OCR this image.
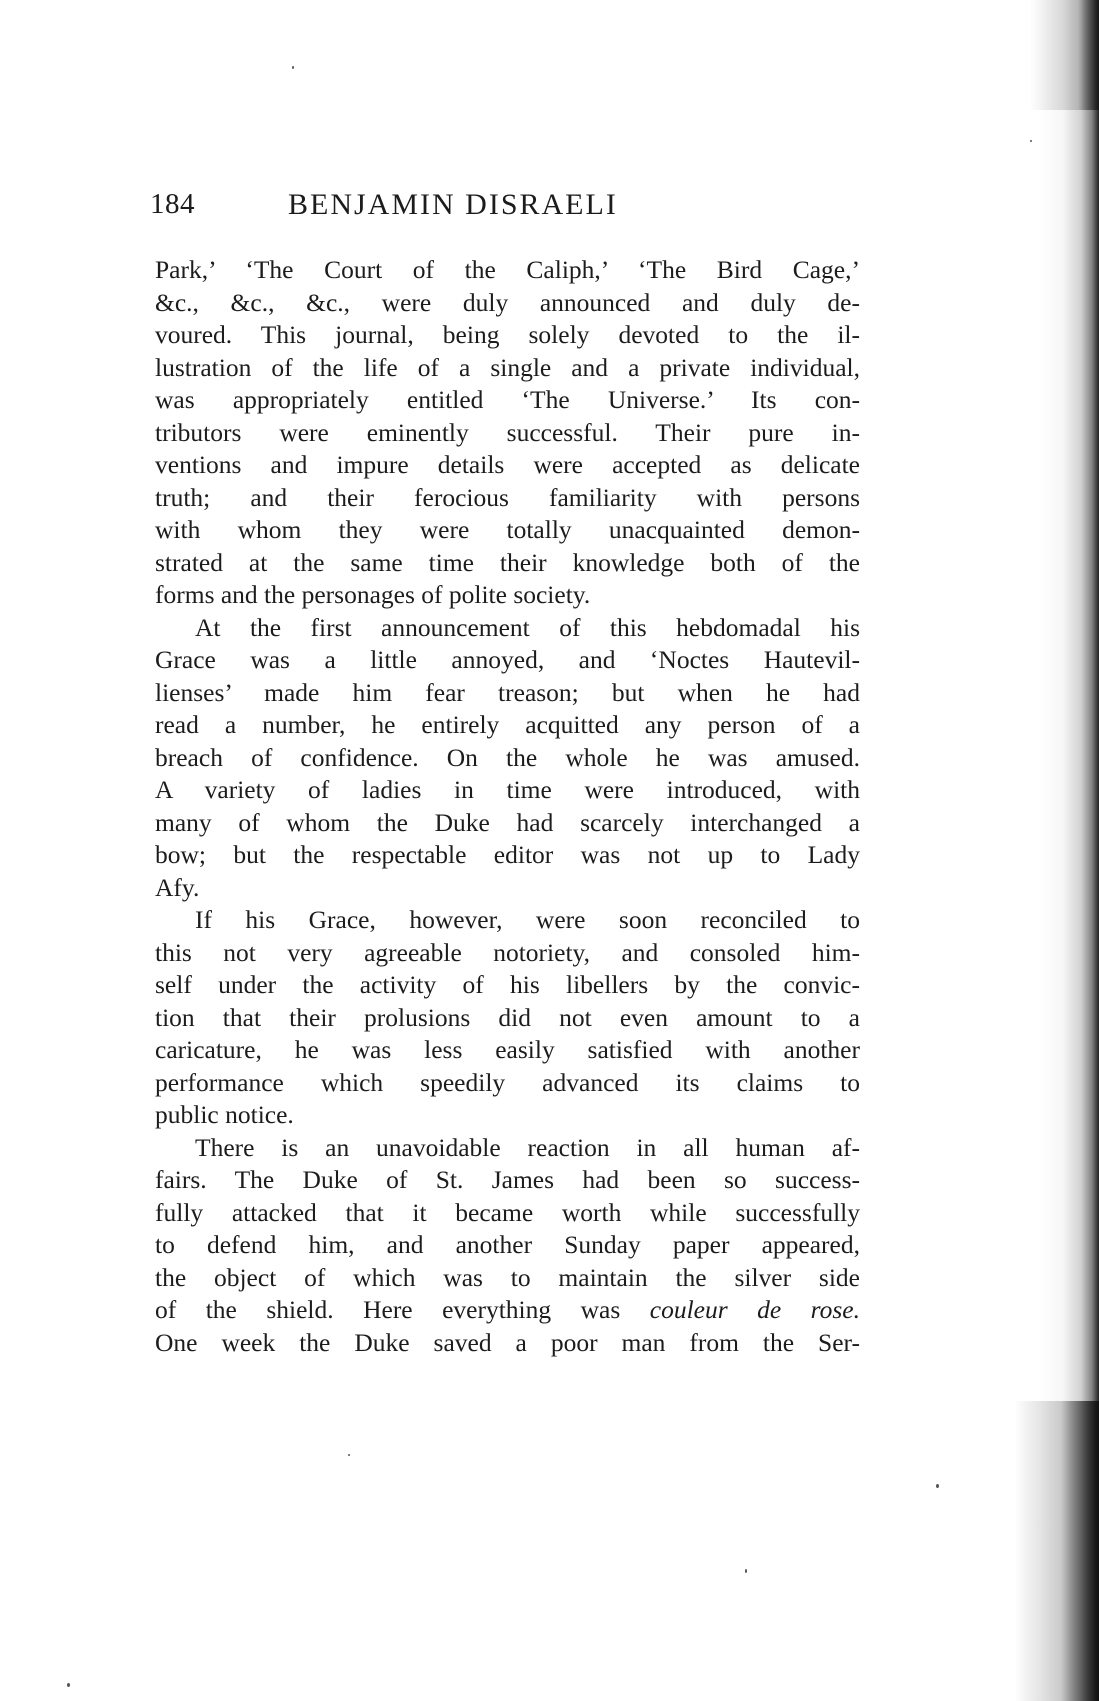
184	BENJAMIN DISRAELI
Park,’ ‘The Court of the Caliph,’ ‘The Bird Cage,’
&c., &c., &c., were duly announced and duly de-
voured. This journal, being solely devoted to the il-
lustration of the life of a single and a private individual,
was appropriately entitled ‘The Universe.’ Its con-
tributors were eminently successful. Their pure in-
ventions and impure details were accepted as delicate
truth; and their ferocious familiarity with persons
with whom they were totally unacquainted demon-
strated at the same time their knowledge both of the
forms and the personages of polite society.
At the first announcement of this hebdomadal his
Grace was a little annoyed, and ‘Noctes Hautevil-
lienses’ made him fear treason; but when he had
read a number, he entirely acquitted any person of a
breach of confidence. On the whole he was amused.
A variety of ladies in time were introduced, with
many of whom the Duke had scarcely interchanged a
bow; but the respectable editor was not up to Lady
Afy.
If his Grace, however, were soon reconciled to
this not very agreeable notoriety, and consoled him-
self under the activity of his libellers by the convic-
tion that their prolusions did not even amount to a
caricature, he was less easily satisfied with another
performance which speedily advanced its claims to
public notice.
There is an unavoidable reaction in all human af-
fairs. The Duke of St. James had been so success-
fully attacked that it became worth while successfully
to defend him, and another Sunday paper appeared,
the object of which was to maintain the silver side
of the shield. Here everything was couleur de rose.
One week the Duke saved a poor man from the Ser-
